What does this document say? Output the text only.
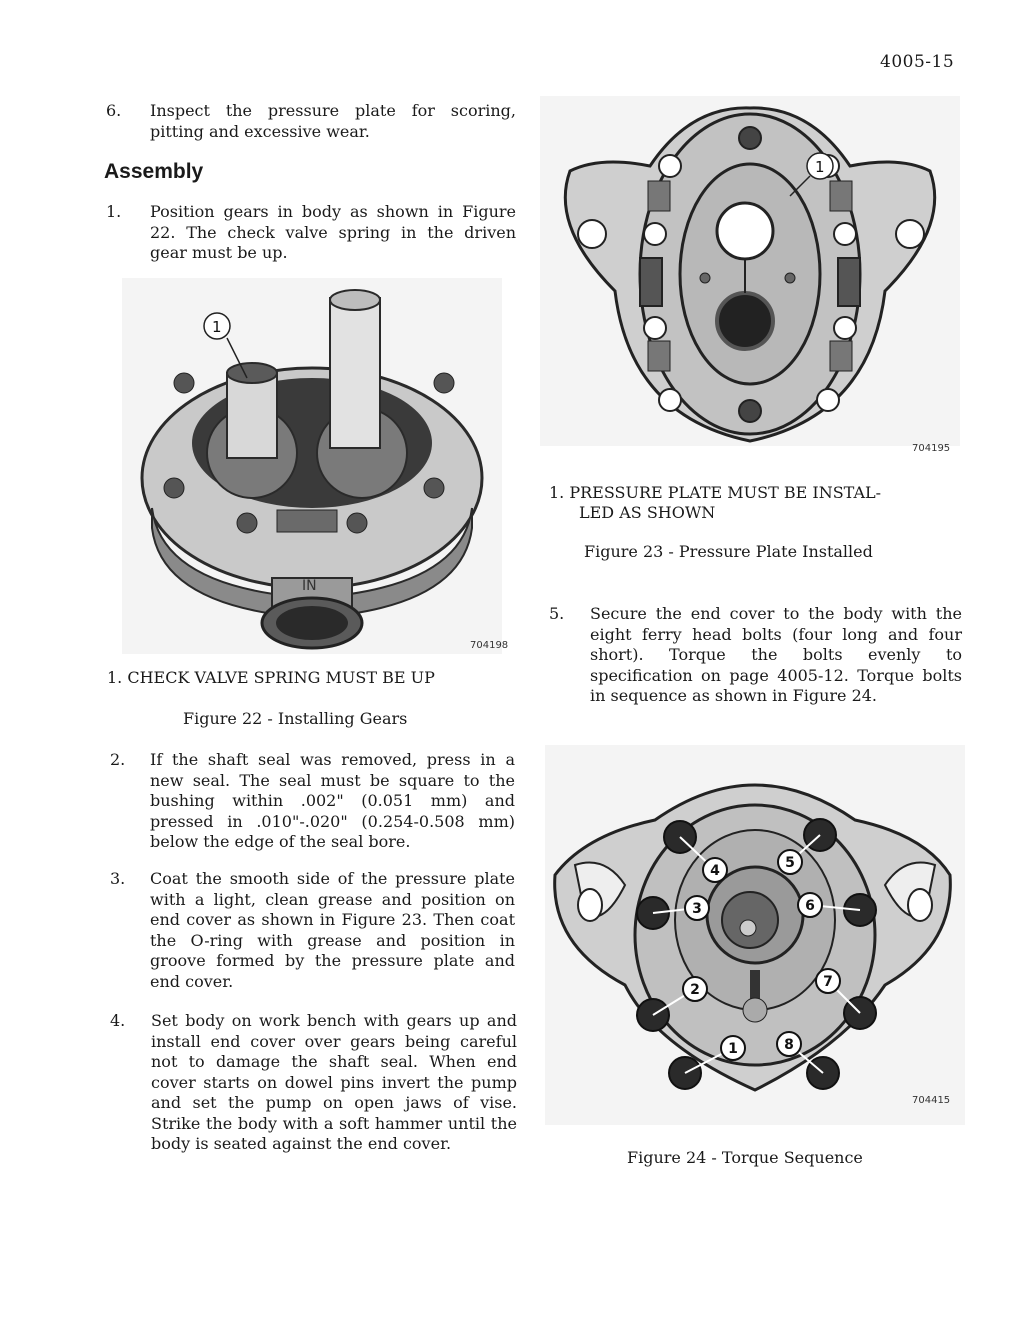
4005-15
6. Inspect the pressure plate for scoring, pitting and excessive wear.
Assembly
1. Position gears in body as shown in Figure 22. The check valve spring in the driven gear must be up.
IN
1
704198
1. CHECK VALVE SPRING MUST BE UP
Figure 22 - Installing Gears
2. If the shaft seal was removed, press in a new seal. The seal must be square to the bushing within .002" (0.051 mm) and pressed in .010"-.020" (0.254-0.508 mm) below the edge of the seal bore.
3. Coat the smooth side of the pressure plate with a light, clean grease and position on end cover as shown in Figure 23. Then coat the O-ring with grease and position in groove formed by the pressure plate and end cover.
4. Set body on work bench with gears up and install end cover over gears being careful not to damage the shaft seal. When end cover starts on dowel pins invert the pump and set the pump on open jaws of vise. Strike the body with a soft hammer until the body is seated against the end cover.
1
704195
1. PRESSURE PLATE MUST BE INSTAL-
LED AS SHOWN
Figure 23 - Pressure Plate Installed
5. Secure the end cover to the body with the eight ferry head bolts (four long and four short). Torque the bolts evenly to specification on page 4005-12. Torque bolts in sequence as shown in Figure 24.
1
2
3
4	5
6
7
8
704415
Figure 24 - Torque Sequence
